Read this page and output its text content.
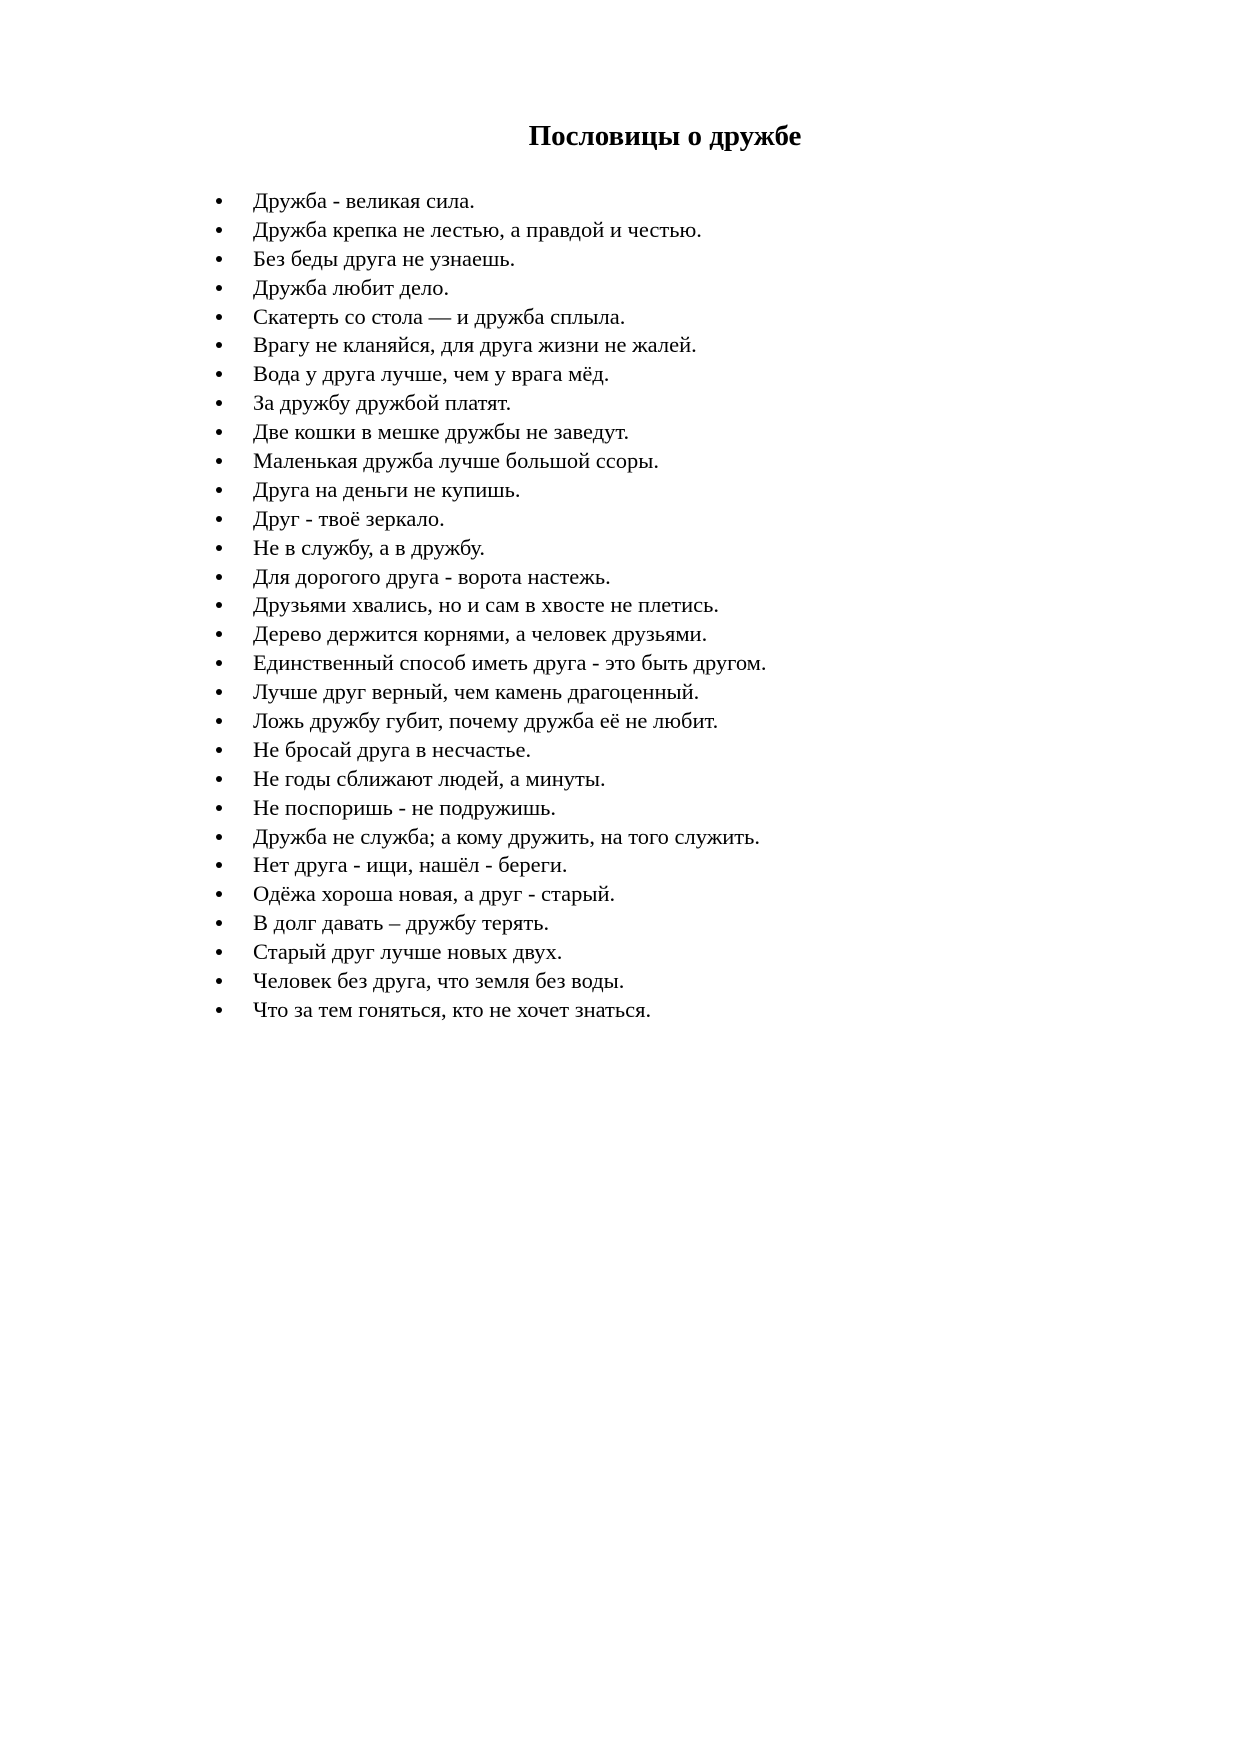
Пословицы о дружбе
Дружба - великая сила.
Дружба крепка не лестью, а правдой и честью.
Без беды друга не узнаешь.
Дружба любит дело.
Скатерть со стола — и дружба сплыла.
Врагу не кланяйся, для друга жизни не жалей.
Вода у друга лучше, чем у врага мёд.
За дружбу дружбой платят.
Две кошки в мешке дружбы не заведут.
Маленькая дружба лучше большой ссоры.
Друга на деньги не купишь.
Друг - твоё зеркало.
Не в службу, а в дружбу.
Для дорогого друга - ворота настежь.
Друзьями хвались, но и сам в хвосте не плетись.
Дерево держится корнями, а человек друзьями.
Единственный способ иметь друга - это быть другом.
Лучше друг верный, чем камень драгоценный.
Ложь дружбу губит, почему дружба её не любит.
Не бросай друга в несчастье.
Не годы сближают людей, а минуты.
Не поспоришь - не подружишь.
Дружба не служба; а кому дружить, на того служить.
Нет друга - ищи, нашёл - береги.
Одёжа хороша новая, а друг - старый.
В долг давать – дружбу терять.
Старый друг лучше новых двух.
Человек без друга, что земля без воды.
Что за тем гоняться, кто не хочет знаться.
